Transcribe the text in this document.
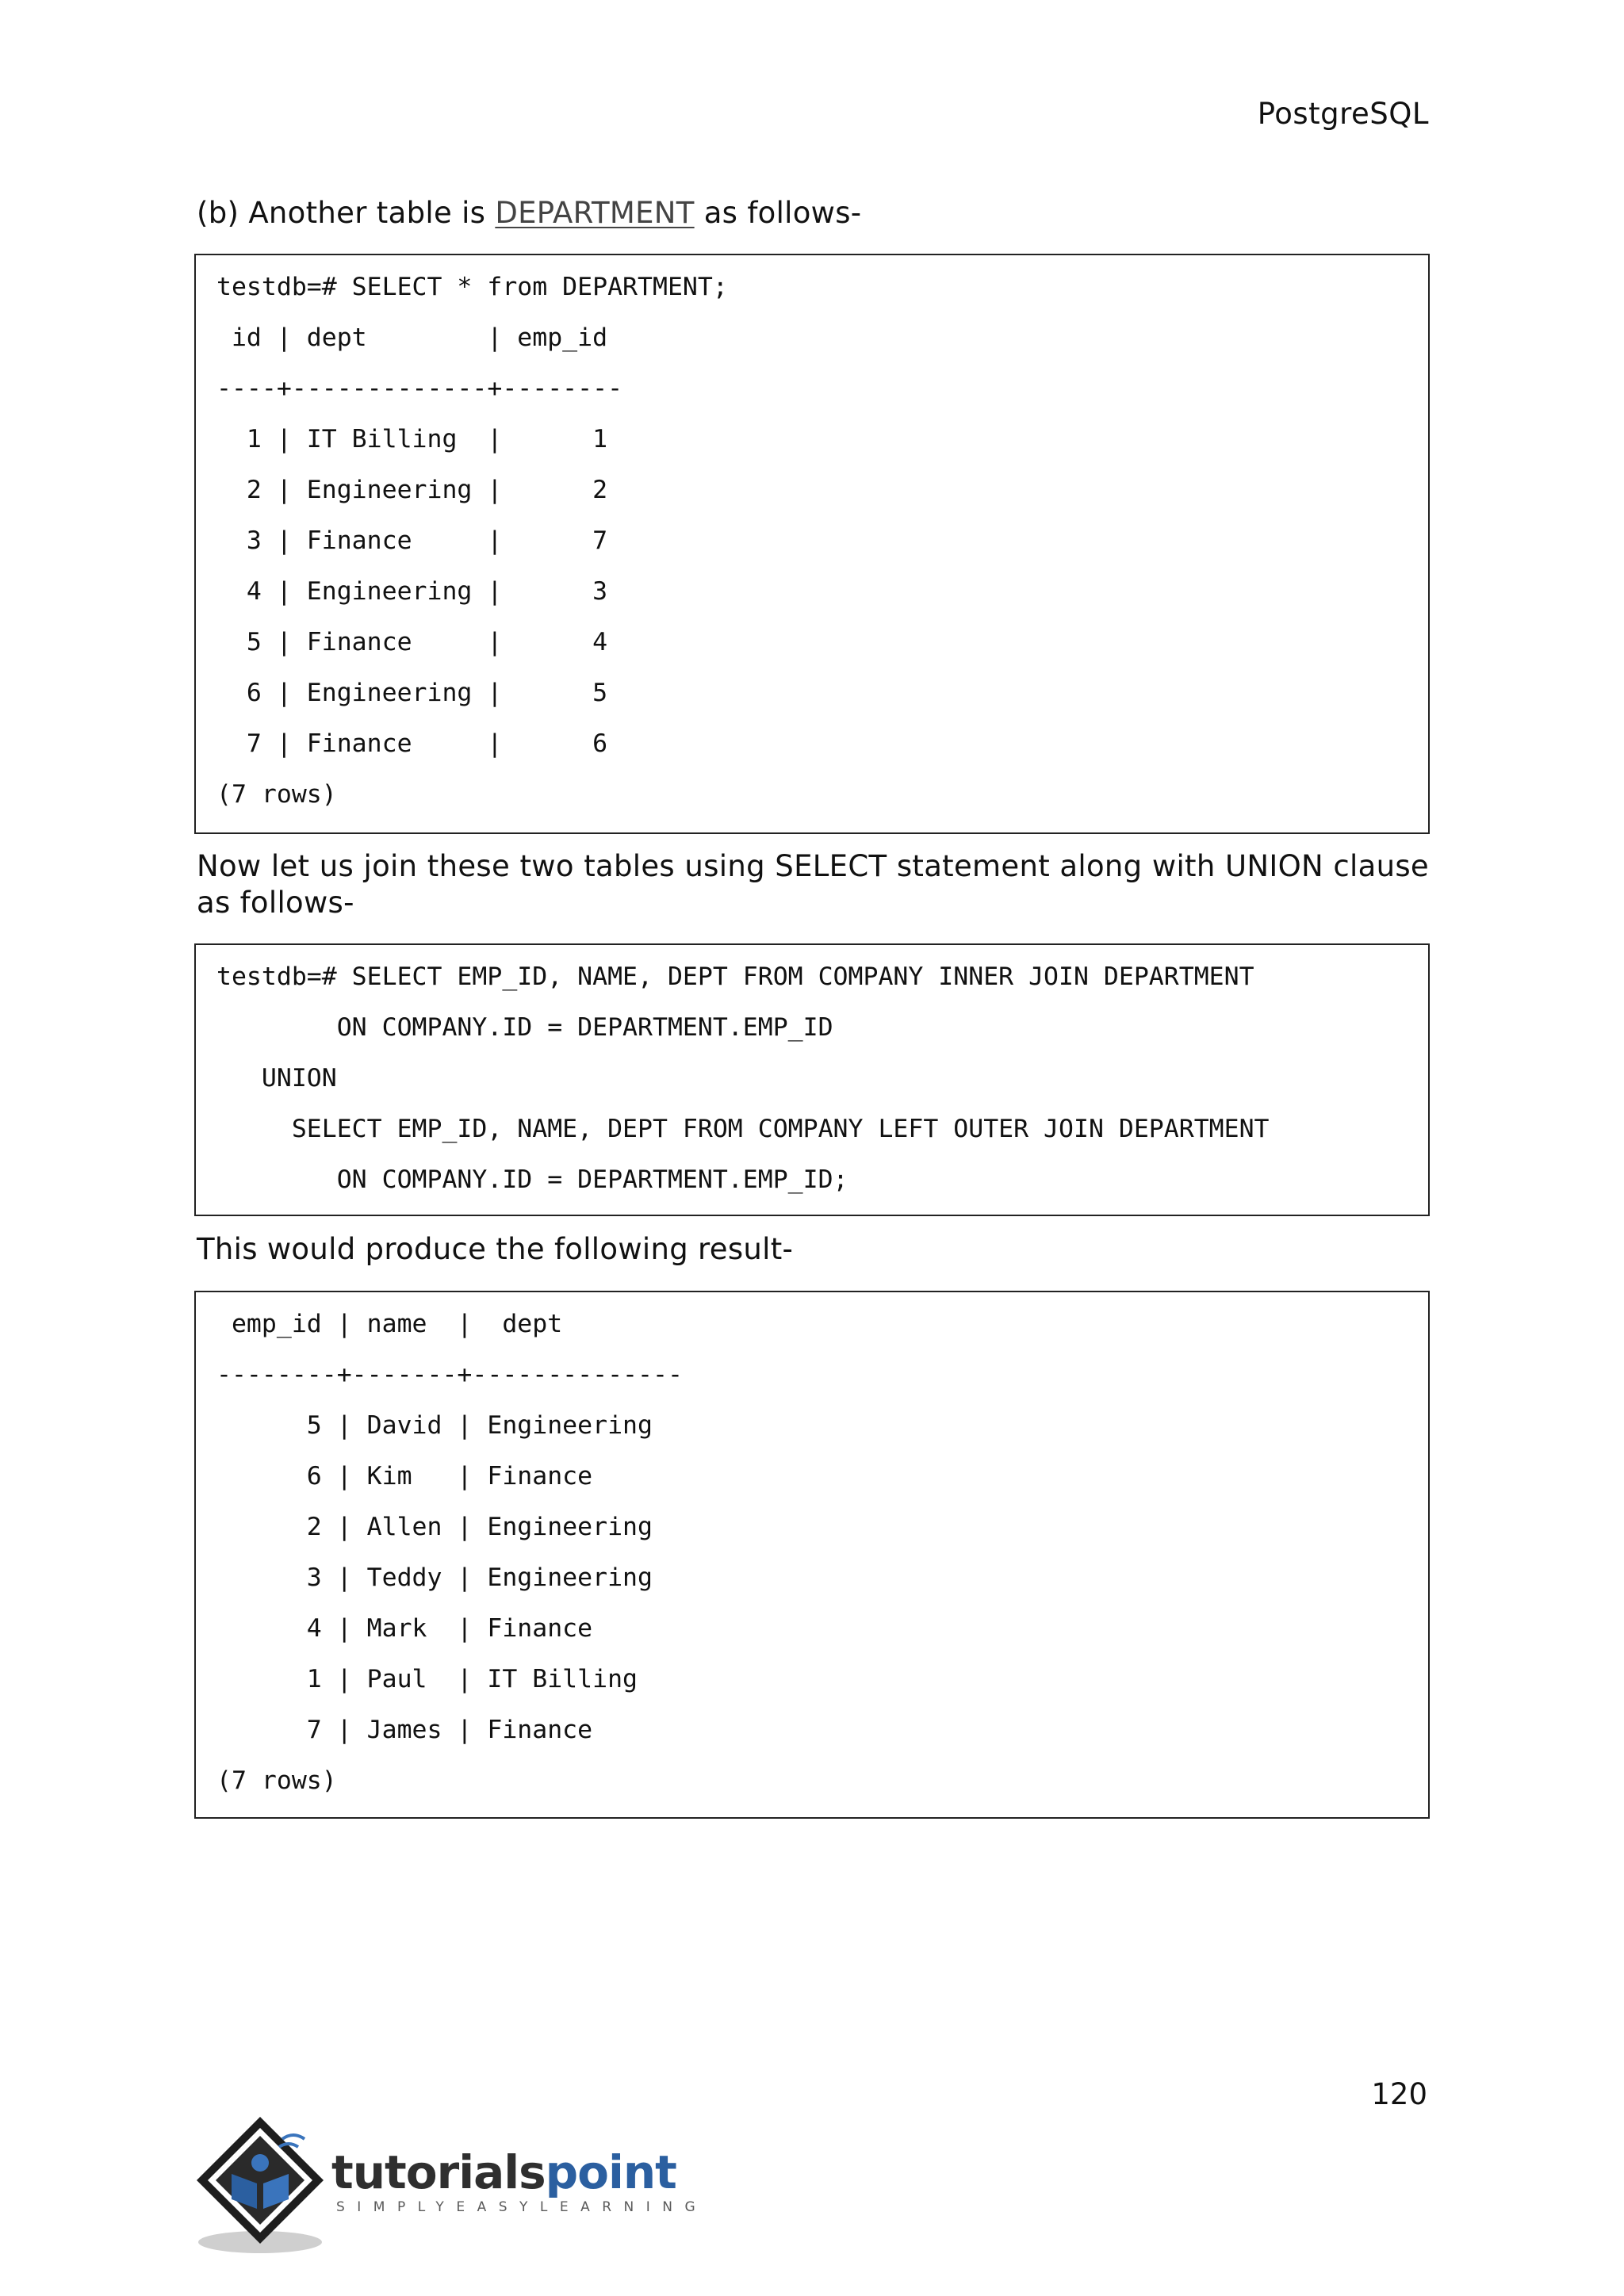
PostgreSQL
(b) Another table is DEPARTMENT as follows-
testdb=# SELECT * from DEPARTMENT;
id | dept        | emp_id
----+-------------+--------
1 | IT Billing  |      1
2 | Engineering |      2
3 | Finance     |      7
4 | Engineering |      3
5 | Finance     |      4
6 | Engineering |      5
7 | Finance     |      6
(7 rows)
Now let us join these two tables using SELECT statement along with UNION clause as follows-
testdb=# SELECT EMP_ID, NAME, DEPT FROM COMPANY INNER JOIN DEPARTMENT
ON COMPANY.ID = DEPARTMENT.EMP_ID
UNION
SELECT EMP_ID, NAME, DEPT FROM COMPANY LEFT OUTER JOIN DEPARTMENT
ON COMPANY.ID = DEPARTMENT.EMP_ID;
This would produce the following result-
emp_id | name  |  dept
--------+-------+--------------
5 | David | Engineering
6 | Kim   | Finance
2 | Allen | Engineering
3 | Teddy | Engineering
4 | Mark  | Finance
1 | Paul  | IT Billing
7 | James | Finance
(7 rows)
120
tutorialspoint
SIMPLYEASYLEARNING
